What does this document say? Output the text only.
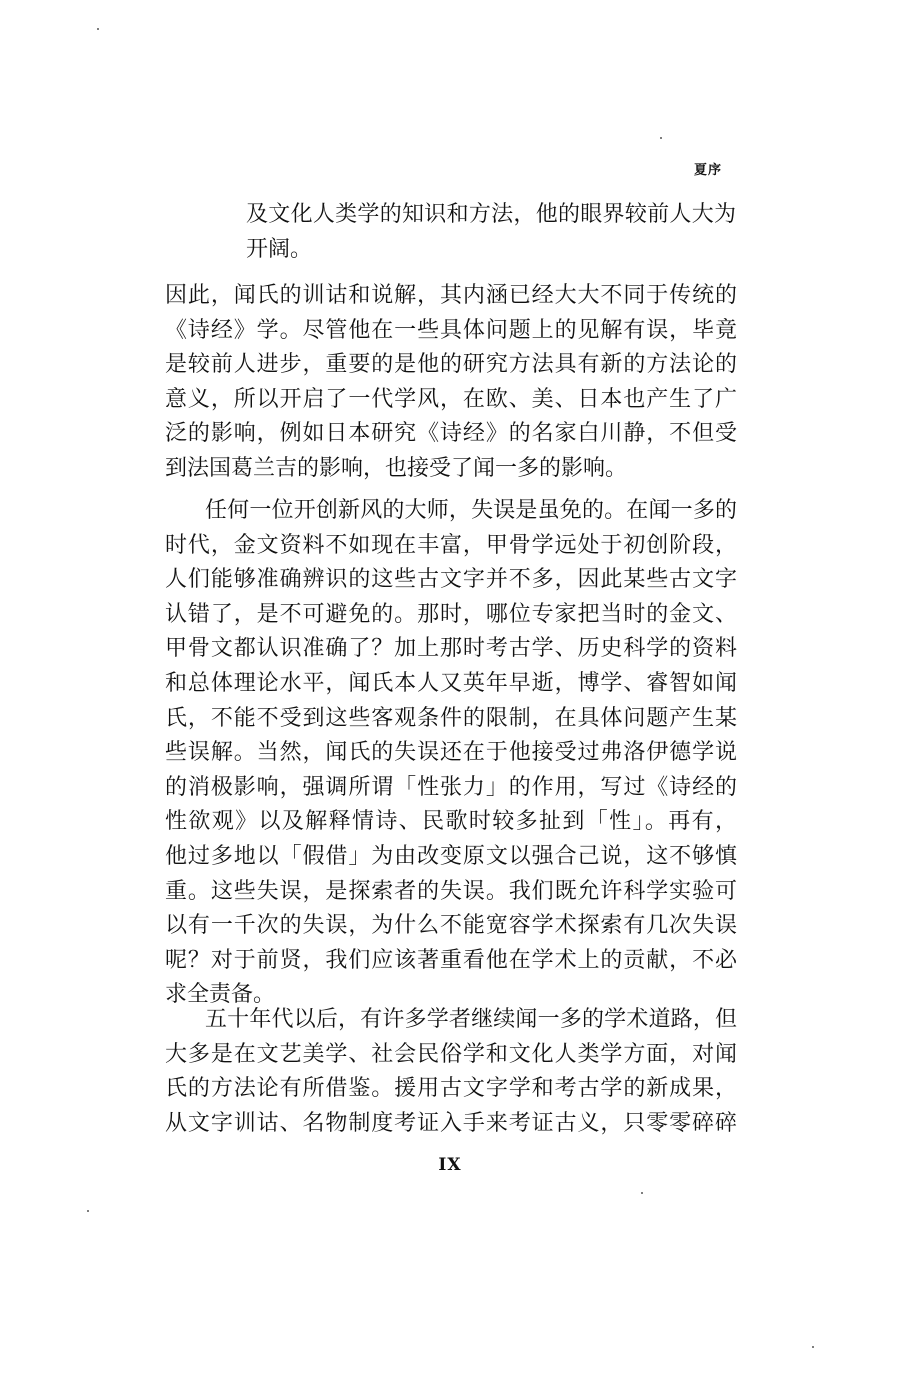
夏序
及文化人类学的知识和方法，他的眼界较前人大为
开阔。
因此，闻氏的训诂和说解，其内涵已经大大不同于传统的
《诗经》学。尽管他在一些具体问题上的见解有误，毕竟
是较前人进步，重要的是他的研究方法具有新的方法论的
意义，所以开启了一代学风，在欧、美、日本也产生了广
泛的影响，例如日本研究《诗经》的名家白川静，不但受
到法国葛兰吉的影响，也接受了闻一多的影响。
任何一位开创新风的大师，失误是虽免的。在闻一多的
时代，金文资料不如现在丰富，甲骨学远处于初创阶段，
人们能够准确辨识的这些古文字并不多，因此某些古文字
认错了，是不可避免的。那时，哪位专家把当时的金文、
甲骨文都认识准确了？加上那时考古学、历史科学的资料
和总体理论水平，闻氏本人又英年早逝，博学、睿智如闻
氏，不能不受到这些客观条件的限制，在具体问题产生某
些误解。当然，闻氏的失误还在于他接受过弗洛伊德学说
的消极影响，强调所谓「性张力」的作用，写过《诗经的
性欲观》以及解释情诗、民歌时较多扯到「性」。再有，
他过多地以「假借」为由改变原文以强合己说，这不够慎
重。这些失误，是探索者的失误。我们既允许科学实验可
以有一千次的失误，为什么不能宽容学术探索有几次失误
呢？对于前贤，我们应该著重看他在学术上的贡献，不必
求全责备。
五十年代以后，有许多学者继续闻一多的学术道路，但
大多是在文艺美学、社会民俗学和文化人类学方面，对闻
氏的方法论有所借鉴。援用古文字学和考古学的新成果，
从文字训诂、名物制度考证入手来考证古义，只零零碎碎
IX
